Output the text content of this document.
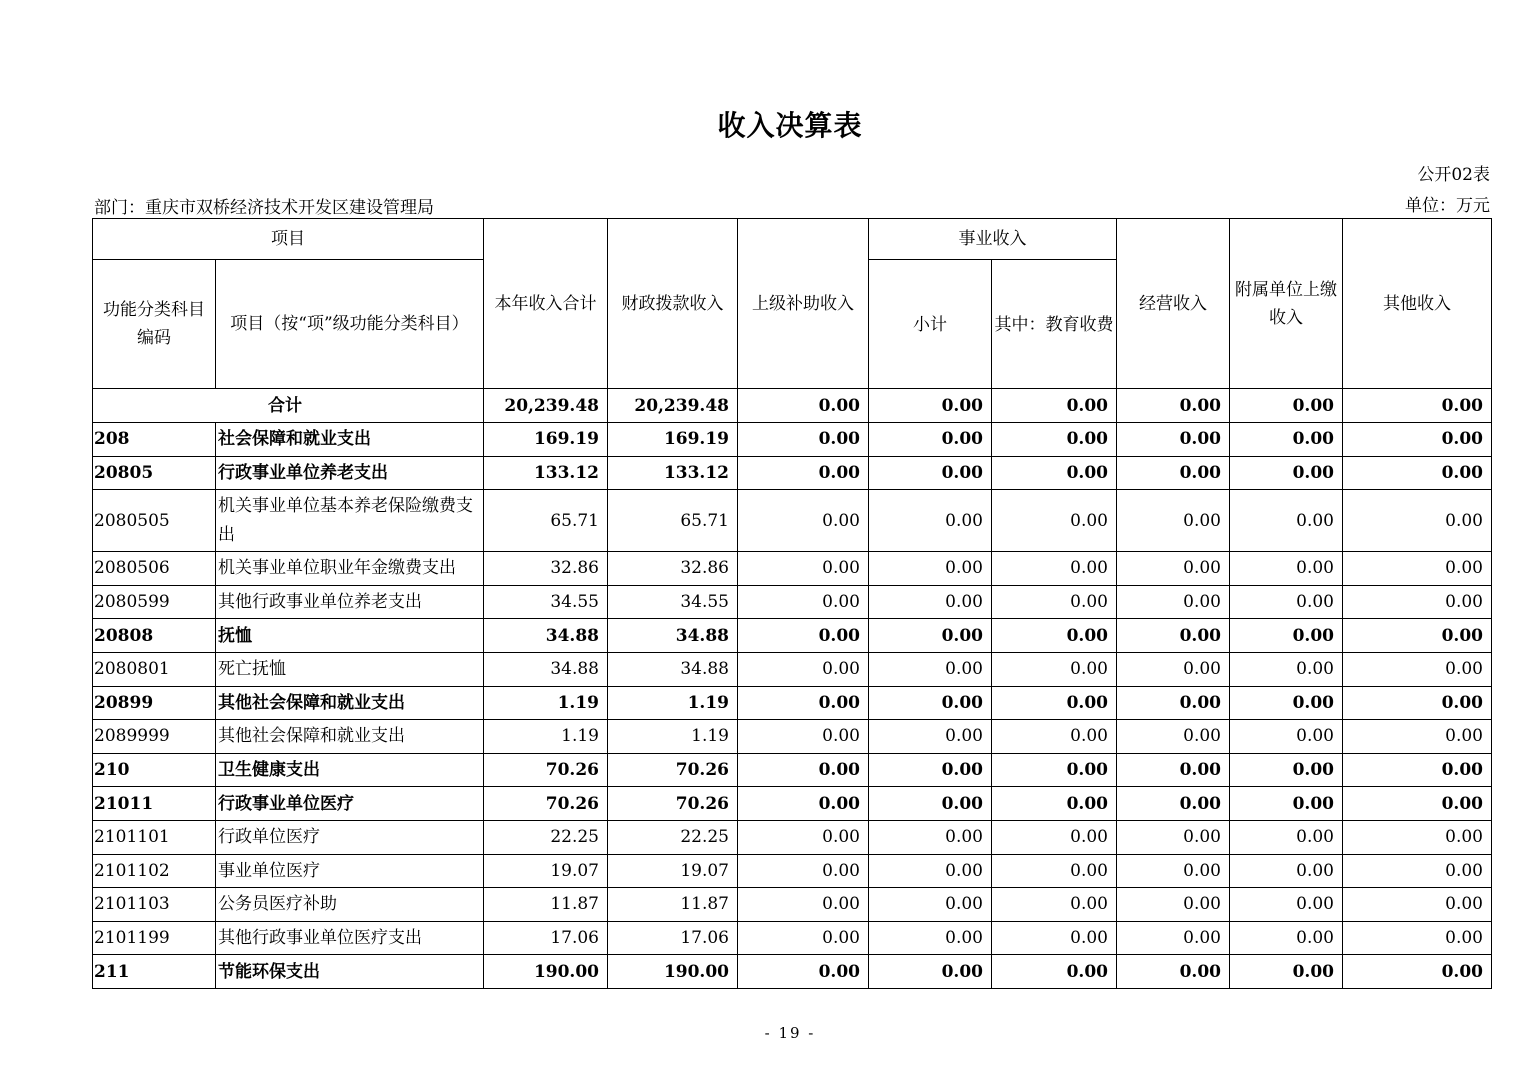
收入决算表
公开02表
部门：重庆市双桥经济技术开发区建设管理局	单位：万元
项目		本年收入合计	财政拨款收入	上级补助收入	事业收入		经营收入	附属单位上缴收入	其他收入
功能分类科目编码	项目（按“项”级功能分类科目）				小计	其中：教育收费			
合计		20,239.48	20,239.48	0.00	0.00	0.00	0.00	0.00	0.00
208	社会保障和就业支出	169.19	169.19	0.00	0.00	0.00	0.00	0.00	0.00
20805	行政事业单位养老支出	133.12	133.12	0.00	0.00	0.00	0.00	0.00	0.00
2080505	机关事业单位基本养老保险缴费支出	65.71	65.71	0.00	0.00	0.00	0.00	0.00	0.00
2080506	机关事业单位职业年金缴费支出	32.86	32.86	0.00	0.00	0.00	0.00	0.00	0.00
2080599	其他行政事业单位养老支出	34.55	34.55	0.00	0.00	0.00	0.00	0.00	0.00
20808	抚恤	34.88	34.88	0.00	0.00	0.00	0.00	0.00	0.00
2080801	死亡抚恤	34.88	34.88	0.00	0.00	0.00	0.00	0.00	0.00
20899	其他社会保障和就业支出	1.19	1.19	0.00	0.00	0.00	0.00	0.00	0.00
2089999	其他社会保障和就业支出	1.19	1.19	0.00	0.00	0.00	0.00	0.00	0.00
210	卫生健康支出	70.26	70.26	0.00	0.00	0.00	0.00	0.00	0.00
21011	行政事业单位医疗	70.26	70.26	0.00	0.00	0.00	0.00	0.00	0.00
2101101	行政单位医疗	22.25	22.25	0.00	0.00	0.00	0.00	0.00	0.00
2101102	事业单位医疗	19.07	19.07	0.00	0.00	0.00	0.00	0.00	0.00
2101103	公务员医疗补助	11.87	11.87	0.00	0.00	0.00	0.00	0.00	0.00
2101199	其他行政事业单位医疗支出	17.06	17.06	0.00	0.00	0.00	0.00	0.00	0.00
211	节能环保支出	190.00	190.00	0.00	0.00	0.00	0.00	0.00	0.00
- 19 -
